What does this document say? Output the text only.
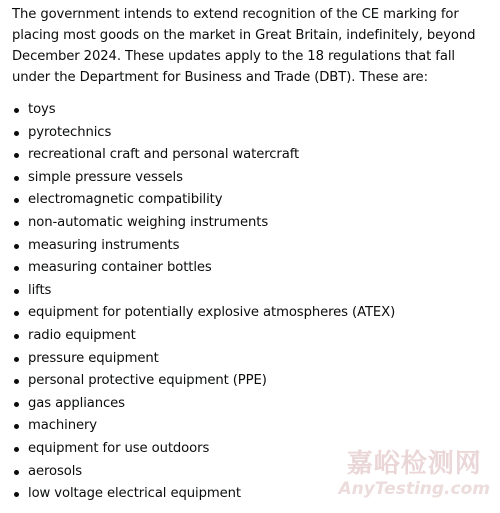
The government intends to extend recognition of the CE marking for placing most goods on the market in Great Britain, indefinitely, beyond December 2024. These updates apply to the 18 regulations that fall under the Department for Business and Trade (DBT). These are:

toys
pyrotechnics
recreational craft and personal watercraft
simple pressure vessels
electromagnetic compatibility
non-automatic weighing instruments
measuring instruments
measuring container bottles
lifts
equipment for potentially explosive atmospheres (ATEX)
radio equipment
pressure equipment
personal protective equipment (PPE)
gas appliances
machinery
equipment for use outdoors
aerosols
low voltage electrical equipment
嘉峪检测网
AnyTesting.com
